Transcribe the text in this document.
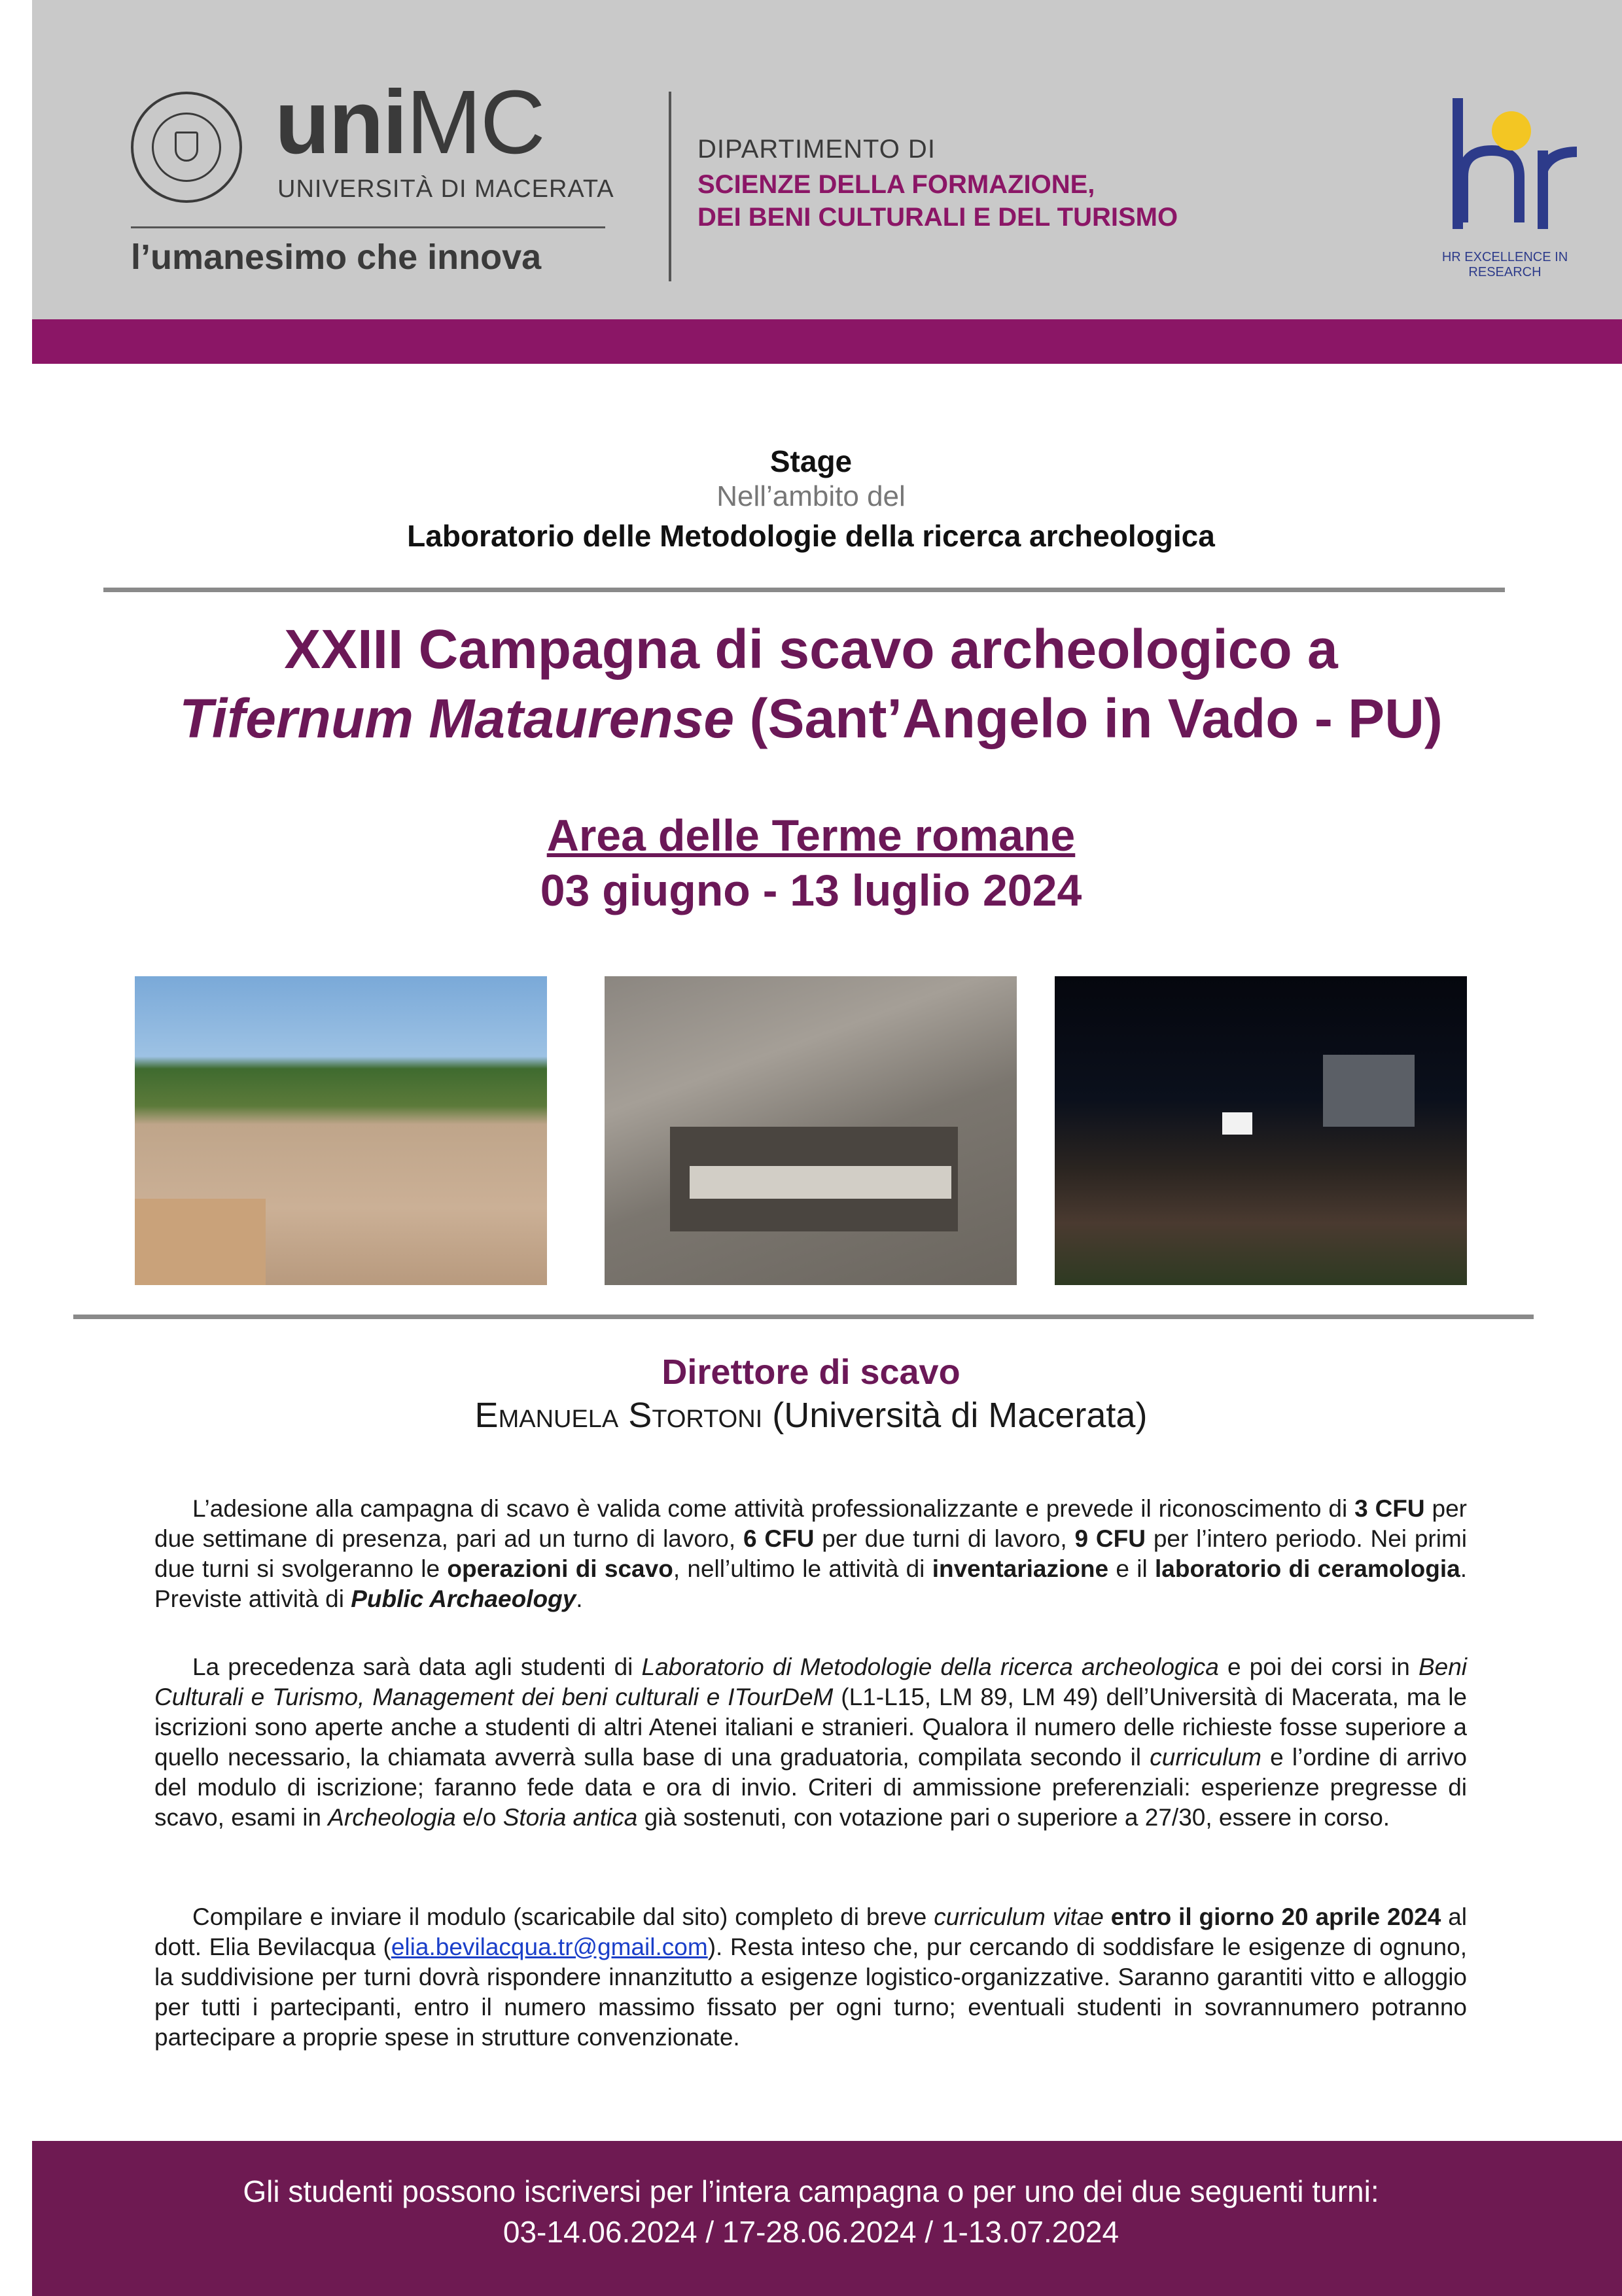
uniMC
UNIVERSITÀ DI MACERATA
l’umanesimo che innova
DIPARTIMENTO DI
SCIENZE DELLA FORMAZIONE,
DEI BENI CULTURALI E DEL TURISMO
HR EXCELLENCE IN RESEARCH
Stage
Nell’ambito del
Laboratorio delle Metodologie della ricerca archeologica
XXIII Campagna di scavo archeologico a
Tifernum Mataurense (Sant’Angelo in Vado - PU)
Area delle Terme romane
03 giugno - 13 luglio 2024
Direttore di scavo
Emanuela Stortoni (Università di Macerata)

L’adesione alla campagna di scavo è valida come attività professionalizzante e prevede il riconoscimento di 3 CFU per due settimane di presenza, pari ad un turno di lavoro, 6 CFU per due turni di lavoro, 9 CFU per l’intero periodo. Nei primi due turni si svolgeranno le operazioni di scavo, nell’ultimo le attività di inventariazione e il laboratorio di ceramologia. Previste attività di Public Archaeology.

La precedenza sarà data agli studenti di Laboratorio di Metodologie della ricerca archeologica e poi dei corsi in Beni Culturali e Turismo, Management dei beni culturali e ITourDeM (L1-L15, LM 89, LM 49) dell’Università di Macerata, ma le iscrizioni sono aperte anche a studenti di altri Atenei italiani e stranieri. Qualora il numero delle richieste fosse superiore a quello necessario, la chiamata avverrà sulla base di una graduatoria, compilata secondo il curriculum e l’ordine di arrivo del modulo di iscrizione; faranno fede data e ora di invio. Criteri di ammissione preferenziali: esperienze pregresse di scavo, esami in Archeologia e/o Storia antica già sostenuti, con votazione pari o superiore a 27/30, essere in corso.

Compilare e inviare il modulo (scaricabile dal sito) completo di breve curriculum vitae entro il giorno 20 aprile 2024 al dott. Elia Bevilacqua (elia.bevilacqua.tr@gmail.com). Resta inteso che, pur cercando di soddisfare le esigenze di ognuno, la suddivisione per turni dovrà rispondere innanzitutto a esigenze logistico-organizzative. Saranno garantiti vitto e alloggio per tutti i partecipanti, entro il numero massimo fissato per ogni turno; eventuali studenti in sovrannumero potranno partecipare a proprie spese in strutture convenzionate.

Gli studenti possono iscriversi per l’intera campagna o per uno dei due seguenti turni:
03-14.06.2024 / 17-28.06.2024 / 1-13.07.2024
